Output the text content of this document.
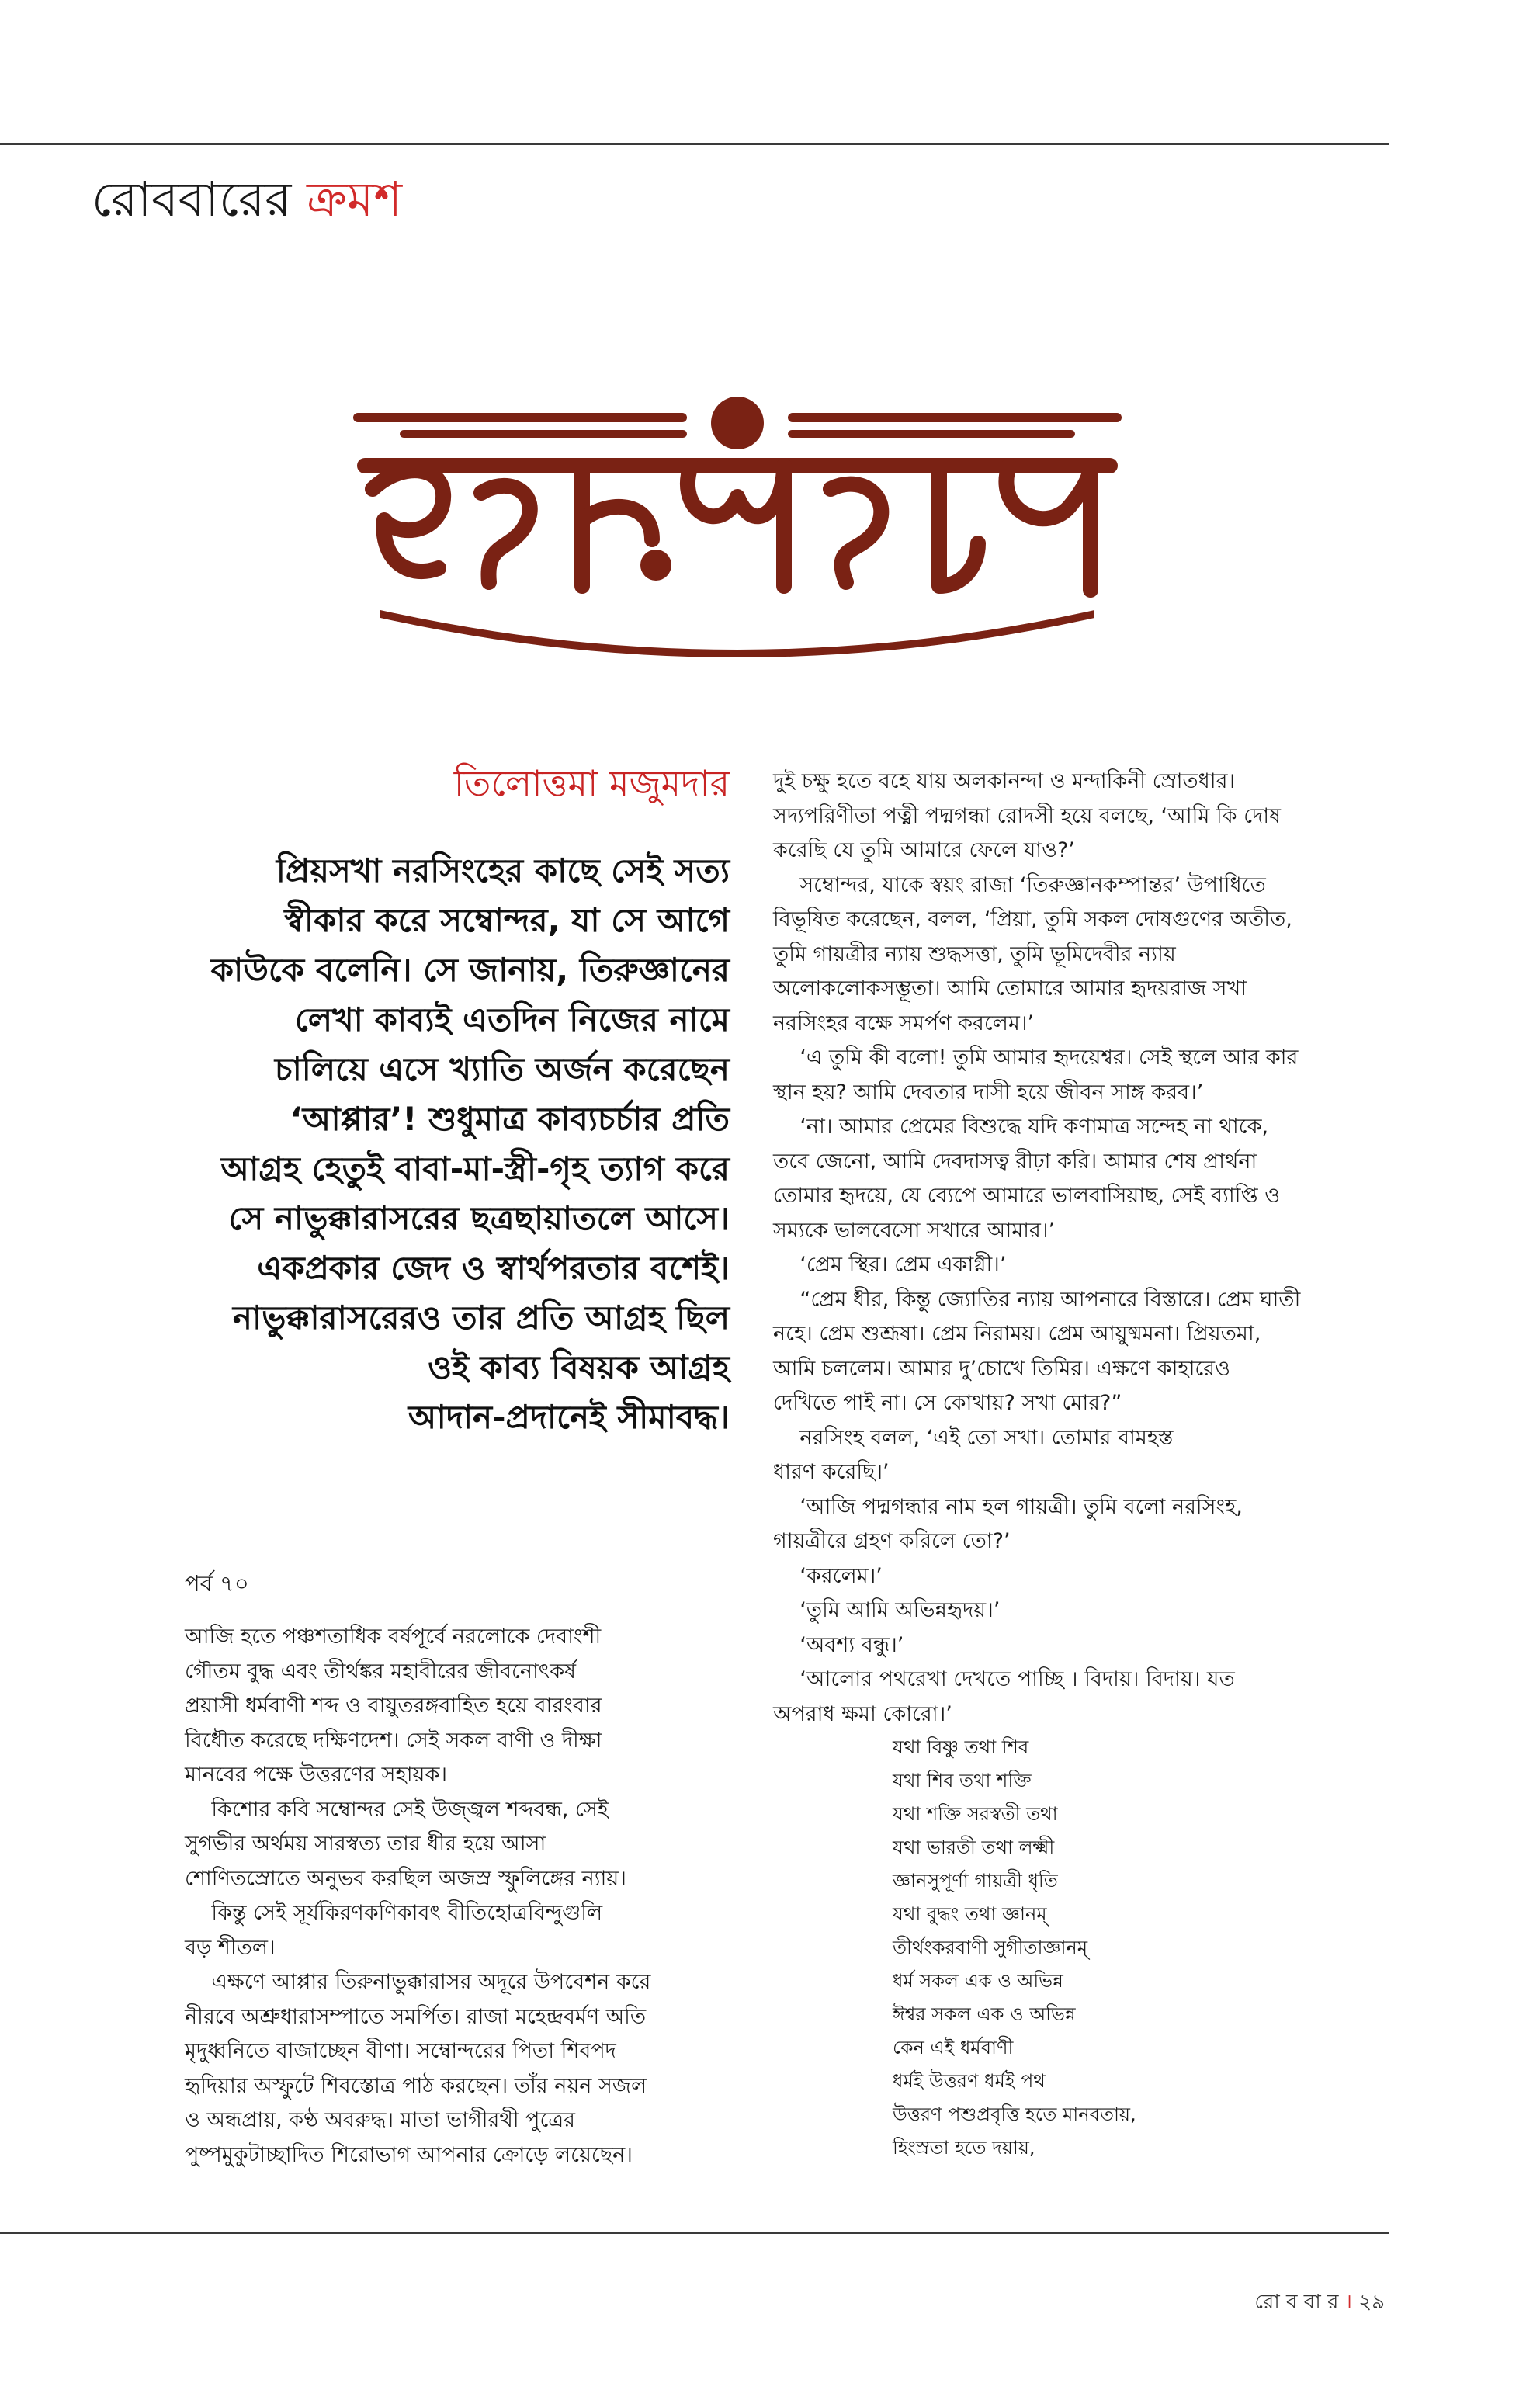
রোববারের ক্রমশ
তিলোত্তমা মজুমদার
প্রিয়সখা নরসিংহের কাছে সেই সত্য
স্বীকার করে সম্বোন্দর, যা সে আগে
কাউকে বলেনি। সে জানায়, তিরুজ্ঞানের
লেখা কাব্যই এতদিন নিজের নামে
চালিয়ে এসে খ্যাতি অর্জন করেছেন
‘আপ্পার’! শুধুমাত্র কাব্যচর্চার প্রতি
আগ্রহ হেতুই বাবা-মা-স্ত্রী-গৃহ ত্যাগ করে
সে নাভুক্কারাসরের ছত্রছায়াতলে আসে।
একপ্রকার জেদ ও স্বার্থপরতার বশেই।
নাভুক্কারাসরেরও তার প্রতি আগ্রহ ছিল
ওই কাব্য বিষয়ক আগ্রহ
আদান-প্রদানেই সীমাবদ্ধ।
পর্ব ৭০
আজি হতে পঞ্চশতাধিক বর্ষপূর্বে নরলোকে দেবাংশী
গৌতম বুদ্ধ এবং তীর্থঙ্কর মহাবীরের জীবনোৎকর্ষ
প্রয়াসী ধর্মবাণী শব্দ ও বায়ুতরঙ্গবাহিত হয়ে বারংবার
বিধৌত করেছে দক্ষিণদেশ। সেই সকল বাণী ও দীক্ষা
মানবের পক্ষে উত্তরণের সহায়ক।
কিশোর কবি সম্বোন্দর সেই উজ্জ্বল শব্দবন্ধ, সেই
সুগভীর অর্থময় সারস্বত্য তার ধীর হয়ে আসা
শোণিতস্রোতে অনুভব করছিল অজস্র স্ফুলিঙ্গের ন্যায়।
কিন্তু সেই সূর্যকিরণকণিকাবৎ বীতিহোত্রবিন্দুগুলি
বড় শীতল।
এক্ষণে আপ্পার তিরুনাভুক্কারাসর অদূরে উপবেশন করে
নীরবে অশ্রুধারাসম্পাতে সমর্পিত। রাজা মহেন্দ্রবর্মণ অতি
মৃদুধ্বনিতে বাজাচ্ছেন বীণা। সম্বোন্দরের পিতা শিবপদ
হৃদিয়ার অস্ফুটে শিবস্তোত্র পাঠ করছেন। তাঁর নয়ন সজল
ও অন্ধপ্রায়, কণ্ঠ অবরুদ্ধ। মাতা ভাগীরথী পুত্রের
পুষ্পমুকুটাচ্ছাদিত শিরোভাগ আপনার ক্রোড়ে লয়েছেন।
দুই চক্ষু হতে বহে যায় অলকানন্দা ও মন্দাকিনী স্রোতধার।
সদ্যপরিণীতা পত্নী পদ্মগন্ধা রোদসী হয়ে বলছে, ‘আমি কি দোষ
করেছি যে তুমি আমারে ফেলে যাও?’
সম্বোন্দর, যাকে স্বয়ং রাজা ‘তিরুজ্ঞানকম্পান্তর’ উপাধিতে
বিভূষিত করেছেন, বলল, ‘প্রিয়া, তুমি সকল দোষগুণের অতীত,
তুমি গায়ত্রীর ন্যায় শুদ্ধসত্তা, তুমি ভূমিদেবীর ন্যায়
অলোকলোকসম্ভূতা। আমি তোমারে আমার হৃদয়রাজ সখা
নরসিংহর বক্ষে সমর্পণ করলেম।’
‘এ তুমি কী বলো! তুমি আমার হৃদয়েশ্বর। সেই স্থলে আর কার
স্থান হয়? আমি দেবতার দাসী হয়ে জীবন সাঙ্গ করব।’
‘না। আমার প্রেমের বিশুদ্ধে যদি কণামাত্র সন্দেহ না থাকে,
তবে জেনো, আমি দেবদাসত্ব রীঢ়া করি। আমার শেষ প্রার্থনা
তোমার হৃদয়ে, যে ব্যেপে আমারে ভালবাসিয়াছ, সেই ব্যাপ্তি ও
সম্যকে ভালবেসো সখারে আমার।’
‘প্রেম স্থির। প্রেম একাগ্নী।’
“প্রেম ধীর, কিন্তু জ্যোতির ন্যায় আপনারে বিস্তারে। প্রেম ঘাতী
নহে। প্রেম শুশ্রূষা। প্রেম নিরাময়। প্রেম আয়ুষ্মমনা। প্রিয়তমা,
আমি চললেম। আমার দু’চোখে তিমির। এক্ষণে কাহারেও
দেখিতে পাই না। সে কোথায়? সখা মোর?”
নরসিংহ বলল, ‘এই তো সখা। তোমার বামহস্ত
ধারণ করেছি।’
‘আজি পদ্মগন্ধার নাম হল গায়ত্রী। তুমি বলো নরসিংহ,
গায়ত্রীরে গ্রহণ করিলে তো?’
‘করলেম।’
‘তুমি আমি অভিন্নহৃদয়।’
‘অবশ্য বন্ধু।’
‘আলোর পথরেখা দেখতে পাচ্ছি । বিদায়। বিদায়। যত
অপরাধ ক্ষমা কোরো।’
যথা বিষ্ণু তথা শিব
যথা শিব তথা শক্তি
যথা শক্তি সরস্বতী তথা
যথা ভারতী তথা লক্ষ্মী
জ্ঞানসুপূর্ণা গায়ত্রী ধৃতি
যথা বুদ্ধং তথা জ্ঞানম্
তীর্থংকরবাণী সুগীতাজ্ঞানম্
ধর্ম সকল এক ও অভিন্ন
ঈশ্বর সকল এক ও অভিন্ন
কেন এই ধর্মবাণী
ধর্মই উত্তরণ ধর্মই পথ
উত্তরণ পশুপ্রবৃত্তি হতে মানবতায়,
হিংস্রতা হতে দয়ায়,
রো ব বা র । ২৯
